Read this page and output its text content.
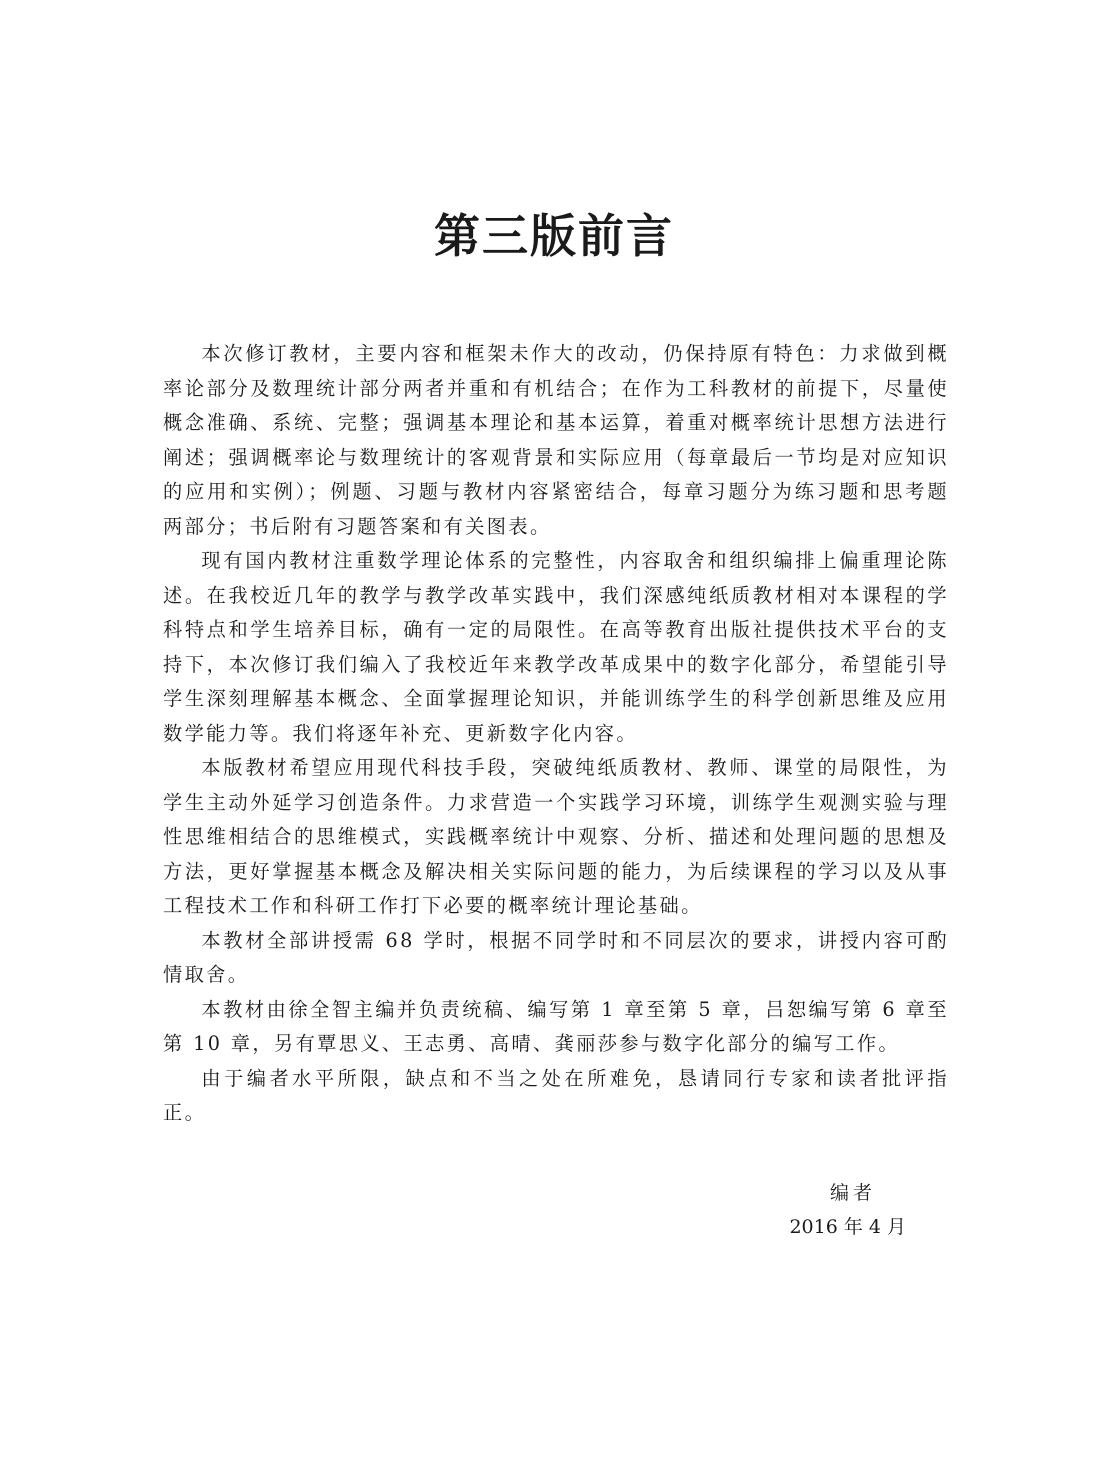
第三版前言

本次修订教材，主要内容和框架未作大的改动，仍保持原有特色：力求做到概率论部分及数理统计部分两者并重和有机结合；在作为工科教材的前提下，尽量使概念准确、系统、完整；强调基本理论和基本运算，着重对概率统计思想方法进行阐述；强调概率论与数理统计的客观背景和实际应用（每章最后一节均是对应知识的应用和实例）；例题、习题与教材内容紧密结合，每章习题分为练习题和思考题两部分；书后附有习题答案和有关图表。

现有国内教材注重数学理论体系的完整性，内容取舍和组织编排上偏重理论陈述。在我校近几年的教学与教学改革实践中，我们深感纯纸质教材相对本课程的学科特点和学生培养目标，确有一定的局限性。在高等教育出版社提供技术平台的支持下，本次修订我们编入了我校近年来教学改革成果中的数字化部分，希望能引导学生深刻理解基本概念、全面掌握理论知识，并能训练学生的科学创新思维及应用数学能力等。我们将逐年补充、更新数字化内容。

本版教材希望应用现代科技手段，突破纯纸质教材、教师、课堂的局限性，为学生主动外延学习创造条件。力求营造一个实践学习环境，训练学生观测实验与理性思维相结合的思维模式，实践概率统计中观察、分析、描述和处理问题的思想及方法，更好掌握基本概念及解决相关实际问题的能力，为后续课程的学习以及从事工程技术工作和科研工作打下必要的概率统计理论基础。

本教材全部讲授需 68 学时，根据不同学时和不同层次的要求，讲授内容可酌情取舍。

本教材由徐全智主编并负责统稿、编写第 1 章至第 5 章，吕恕编写第 6 章至第 10 章，另有覃思义、王志勇、高晴、龚丽莎参与数字化部分的编写工作。

由于编者水平所限，缺点和不当之处在所难免，恳请同行专家和读者批评指正。

编者
2016 年 4 月
